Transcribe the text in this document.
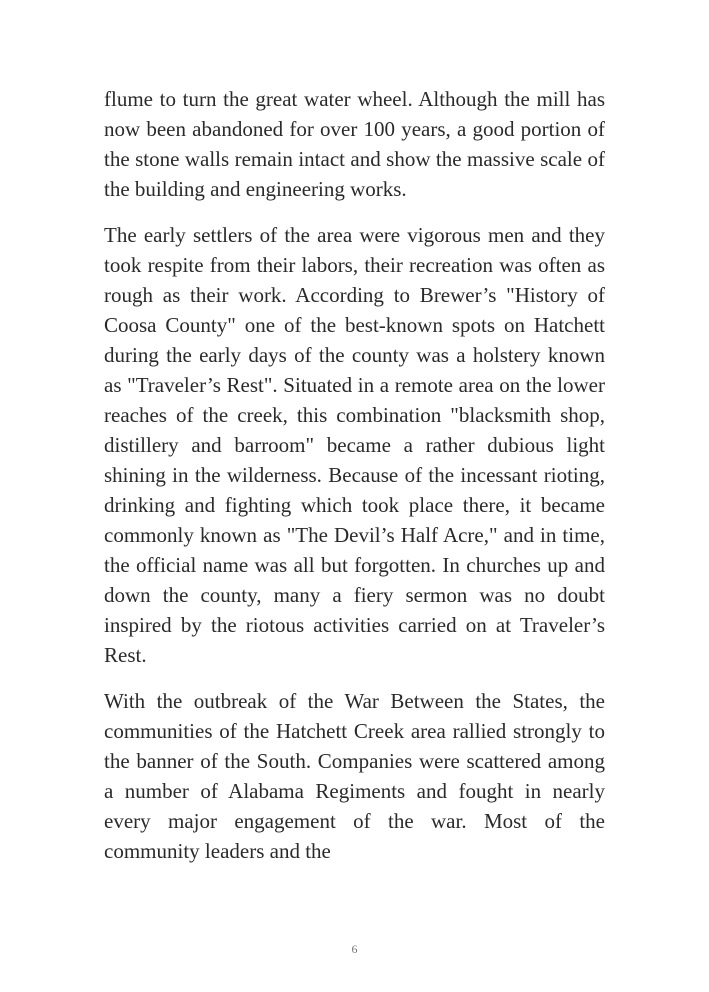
flume to turn the great water wheel. Although the mill has now been abandoned for over 100 years, a good portion of the stone walls remain intact and show the massive scale of the building and engineering works.

The early settlers of the area were vigorous men and they took respite from their labors, their recreation was often as rough as their work. According to Brewer’s "History of Coosa County" one of the best-known spots on Hatchett during the early days of the county was a holstery known as "Traveler’s Rest". Situated in a remote area on the lower reaches of the creek, this combination "blacksmith shop, distillery and barroom" became a rather dubious light shining in the wilderness. Because of the incessant rioting, drinking and fighting which took place there, it became commonly known as "The Devil’s Half Acre," and in time, the official name was all but forgotten. In churches up and down the county, many a fiery sermon was no doubt inspired by the riotous activities carried on at Traveler’s Rest.

With the outbreak of the War Between the States, the communities of the Hatchett Creek area rallied strongly to the banner of the South. Companies were scattered among a number of Alabama Regiments and fought in nearly every major engagement of the war. Most of the community leaders and the

6
